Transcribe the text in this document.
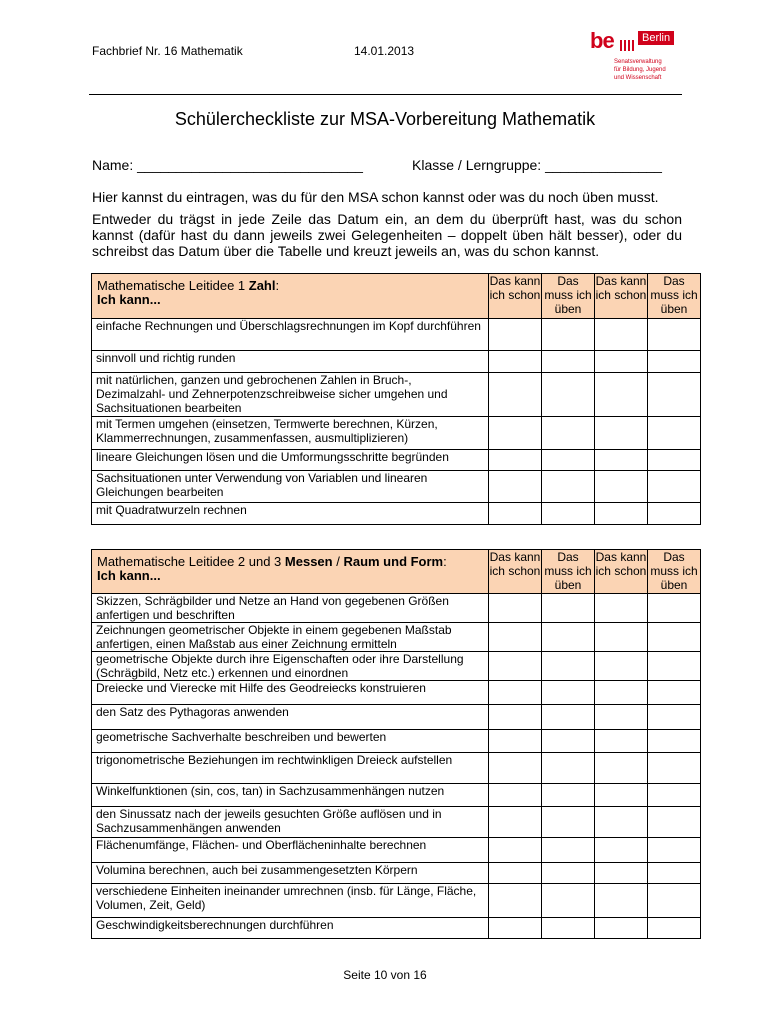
Fachbrief Nr. 16 Mathematik	14.01.2013	be	Berlin
Senatsverwaltung
für Bildung, Jugend
und Wissenschaft
Schülercheckliste zur MSA-Vorbereitung Mathematik
Name: _____________________________	Klasse / Lerngruppe: _______________
Hier kannst du eintragen, was du für den MSA schon kannst oder was du noch üben musst.
Entweder du trägst in jede Zeile das Datum ein, an dem du überprüft hast, was du schon kannst (dafür hast du dann jeweils zwei Gelegenheiten – doppelt üben hält besser), oder du schreibst das Datum über die Tabelle und kreuzt jeweils an, was du schon kannst.
Mathematische Leitidee 1 Zahl:
Ich kann...	Das kann ich schon	Das muss ich üben	Das kann ich schon	Das muss ich üben
einfache Rechnungen und Überschlagsrechnungen im Kopf durchführen				
sinnvoll und richtig runden				
mit natürlichen, ganzen und gebrochenen Zahlen in Bruch-, Dezimalzahl- und Zehnerpotenzschreibweise sicher umgehen und Sachsituationen bearbeiten				
mit Termen umgehen (einsetzen, Termwerte berechnen, Kürzen, Klammerrechnungen, zusammenfassen, ausmultiplizieren)				
lineare Gleichungen lösen und die Umformungsschritte begründen				
Sachsituationen unter Verwendung von Variablen und linearen Gleichungen bearbeiten				
mit Quadratwurzeln rechnen				
Mathematische Leitidee 2 und 3 Messen / Raum und Form:
Ich kann...	Das kann ich schon	Das muss ich üben	Das kann ich schon	Das muss ich üben
Skizzen, Schrägbilder und Netze an Hand von gegebenen Größen anfertigen und beschriften				
Zeichnungen geometrischer Objekte in einem gegebenen Maßstab anfertigen, einen Maßstab aus einer Zeichnung ermitteln				
geometrische Objekte durch ihre Eigenschaften oder ihre Darstellung (Schrägbild, Netz etc.) erkennen und einordnen				
Dreiecke und Vierecke mit Hilfe des Geodreiecks konstruieren				
den Satz des Pythagoras anwenden				
geometrische Sachverhalte beschreiben und bewerten				
trigonometrische Beziehungen im rechtwinkligen Dreieck aufstellen				
Winkelfunktionen (sin, cos, tan) in Sachzusammenhängen nutzen				
den Sinussatz nach der jeweils gesuchten Größe auflösen und in Sachzusammenhängen anwenden				
Flächenumfänge, Flächen- und Oberflächeninhalte berechnen				
Volumina berechnen, auch bei zusammengesetzten Körpern				
verschiedene Einheiten ineinander umrechnen (insb. für Länge, Fläche, Volumen, Zeit, Geld)				
Geschwindigkeitsberechnungen durchführen				
Seite 10 von 16
